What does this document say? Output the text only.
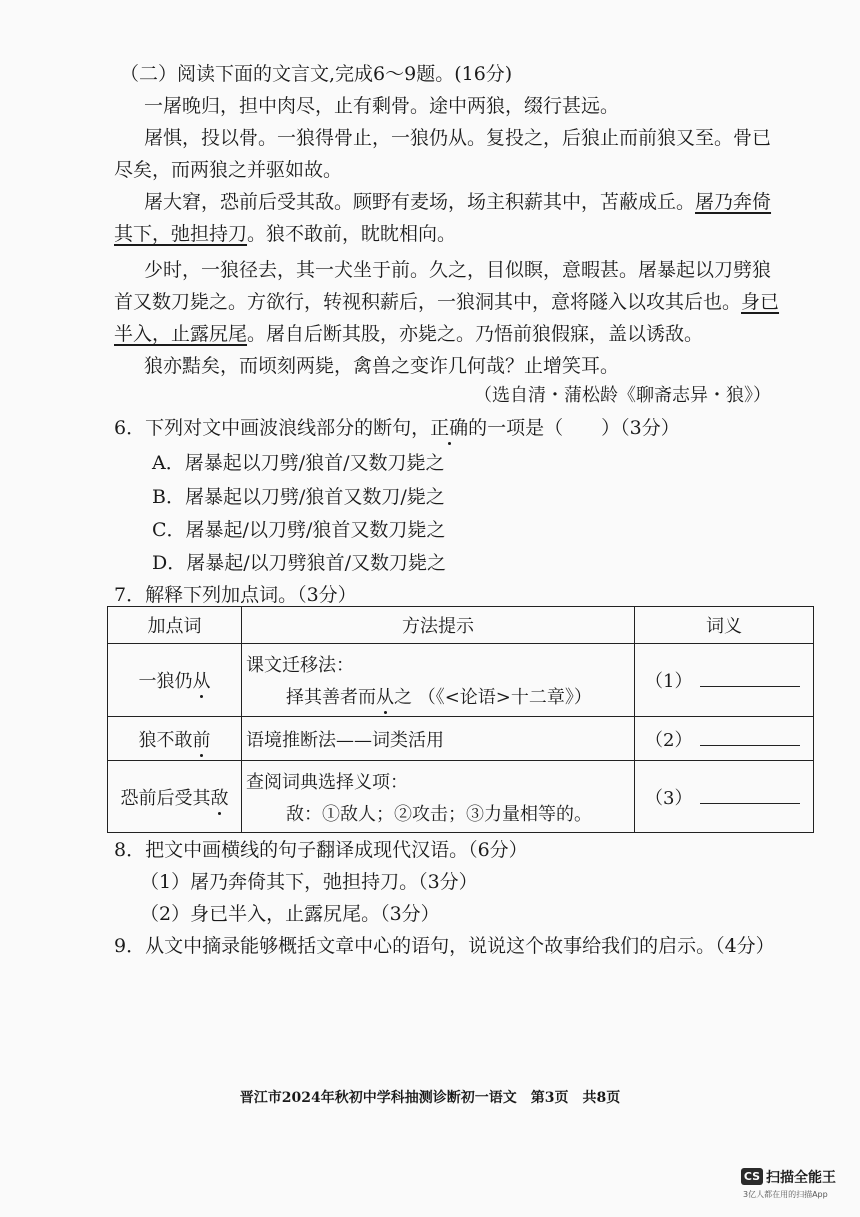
（二）阅读下面的文言文,完成6～9题。(16分)
一屠晚归，担中肉尽，止有剩骨。途中两狼，缀行甚远。
屠惧，投以骨。一狼得骨止，一狼仍从。复投之，后狼止而前狼又至。骨已
尽矣，而两狼之并驱如故。
屠大窘，恐前后受其敌。顾野有麦场，场主积薪其中，苫蔽成丘。屠乃奔倚
其下，弛担持刀。狼不敢前，眈眈相向。
少时，一狼径去，其一犬坐于前。久之，目似瞑，意暇甚。屠暴起以刀劈狼
首又数刀毙之。方欲行，转视积薪后，一狼洞其中，意将隧入以攻其后也。身已
半入，止露尻尾。屠自后断其股，亦毙之。乃悟前狼假寐，盖以诱敌。
狼亦黠矣，而顷刻两毙，禽兽之变诈几何哉？止增笑耳。
（选自清・蒲松龄《聊斋志异・狼》）
6．下列对文中画波浪线部分的断句，正确的一项是（　　）（3分）
A．屠暴起以刀劈/狼首/又数刀毙之
B．屠暴起以刀劈/狼首又数刀/毙之
C．屠暴起/以刀劈/狼首又数刀毙之
D．屠暴起/以刀劈狼首/又数刀毙之
7．解释下列加点词。（3分）
加点词	方法提示	词义
一狼仍从	课文迁移法：
择其善者而从之 （《<论语>十二章》）	（1）
狼不敢前	语境推断法——词类活用	（2）
恐前后受其敌	查阅词典选择义项：
敌：①敌人；②攻击；③力量相等的。	（3）
8．把文中画横线的句子翻译成现代汉语。（6分）
（1）屠乃奔倚其下，弛担持刀。（3分）
（2）身已半入，止露尻尾。（3分）
9．从文中摘录能够概括文章中心的语句，说说这个故事给我们的启示。（4分）
晋江市2024年秋初中学科抽测诊断初一语文　第3页　共8页
CS 扫描全能王
3亿人都在用的扫描App
